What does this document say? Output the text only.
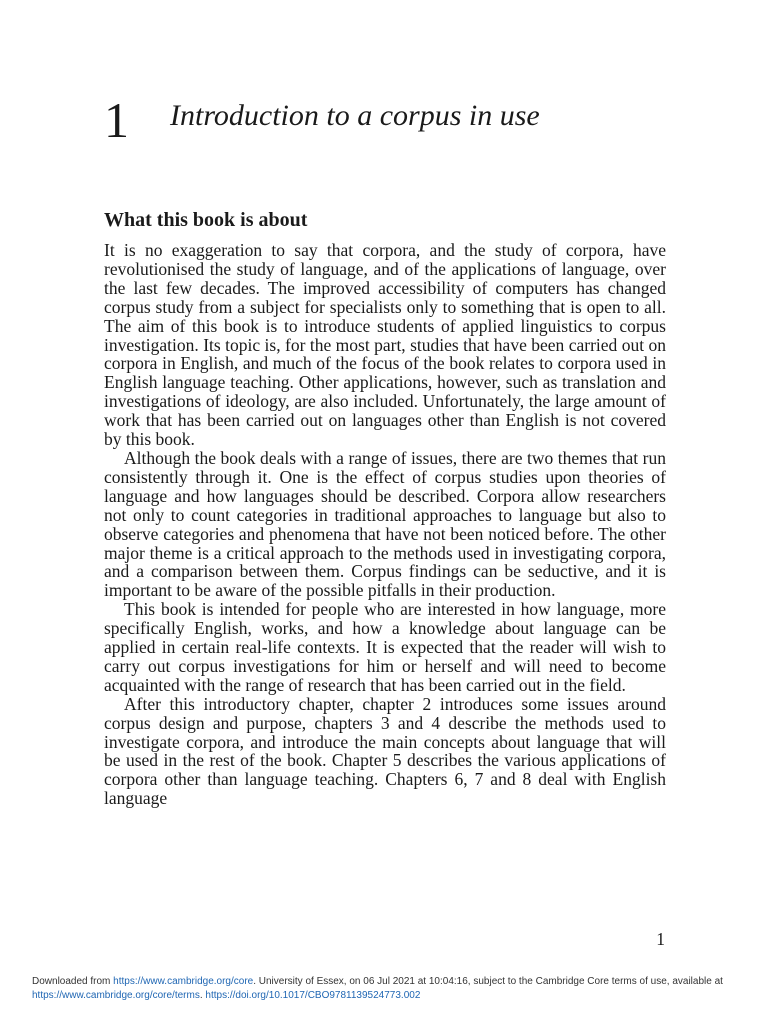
1 Introduction to a corpus in use
What this book is about

It is no exaggeration to say that corpora, and the study of corpora, have revolutionised the study of language, and of the applications of language, over the last few decades. The improved accessibility of computers has changed corpus study from a subject for specialists only to something that is open to all. The aim of this book is to introduce students of applied linguistics to corpus investigation. Its topic is, for the most part, studies that have been carried out on corpora in English, and much of the focus of the book relates to corpora used in English language teaching. Other applications, however, such as translation and investigations of ideology, are also included. Unfortunately, the large amount of work that has been carried out on languages other than English is not covered by this book.

Although the book deals with a range of issues, there are two themes that run consistently through it. One is the effect of corpus studies upon theories of language and how languages should be described. Corpora allow researchers not only to count categories in traditional approaches to language but also to observe categories and phenomena that have not been noticed before. The other major theme is a critical approach to the methods used in investigating corpora, and a comparison between them. Corpus findings can be seductive, and it is important to be aware of the possible pitfalls in their production.

This book is intended for people who are interested in how language, more specifically English, works, and how a knowledge about language can be applied in certain real-life contexts. It is expected that the reader will wish to carry out corpus investigations for him or herself and will need to become acquainted with the range of research that has been carried out in the field.

After this introductory chapter, chapter 2 introduces some issues around corpus design and purpose, chapters 3 and 4 describe the methods used to investigate corpora, and introduce the main concepts about language that will be used in the rest of the book. Chapter 5 describes the various applications of corpora other than language teaching. Chapters 6, 7 and 8 deal with English language

1
Downloaded from https://www.cambridge.org/core. University of Essex, on 06 Jul 2021 at 10:04:16, subject to the Cambridge Core terms of use, available at https://www.cambridge.org/core/terms. https://doi.org/10.1017/CBO9781139524773.002
